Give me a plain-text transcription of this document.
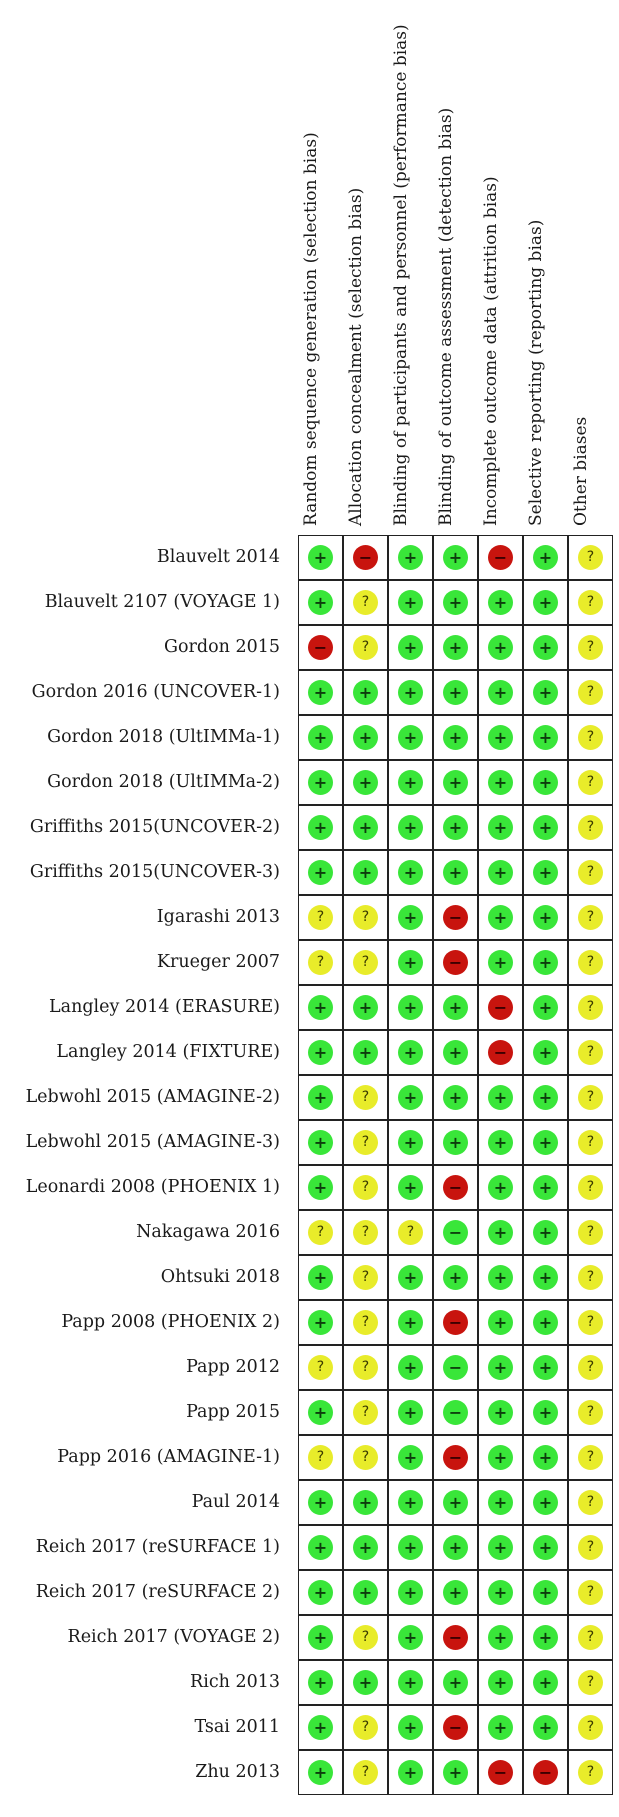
Random sequence generation (selection bias) Allocation concealment (selection bias) Blinding of participants and personnel (performance bias) Blinding of outcome assessment (detection bias) Incomplete outcome data (attrition bias) Selective reporting (reporting bias) Other biases
Blauvelt 2014	+	−	+	+	−	+	?
Blauvelt 2107 (VOYAGE 1)	+	?	+	+	+	+	?
Gordon 2015	−	?	+	+	+	+	?
Gordon 2016 (UNCOVER-1)	+	+	+	+	+	+	?
Gordon 2018 (UltIMMa-1)	+	+	+	+	+	+	?
Gordon 2018 (UltIMMa-2)	+	+	+	+	+	+	?
Griffiths 2015(UNCOVER-2)	+	+	+	+	+	+	?
Griffiths 2015(UNCOVER-3)	+	+	+	+	+	+	?
Igarashi 2013	?	?	+	−	+	+	?
Krueger 2007	?	?	+	−	+	+	?
Langley 2014 (ERASURE)	+	+	+	+	−	+	?
Langley 2014 (FIXTURE)	+	+	+	+	−	+	?
Lebwohl 2015 (AMAGINE-2)	+	?	+	+	+	+	?
Lebwohl 2015 (AMAGINE-3)	+	?	+	+	+	+	?
Leonardi 2008 (PHOENIX 1)	+	?	+	−	+	+	?
Nakagawa 2016	?	?	?	−	+	+	?
Ohtsuki 2018	+	?	+	+	+	+	?
Papp 2008 (PHOENIX 2)	+	?	+	−	+	+	?
Papp 2012	?	?	+	−	+	+	?
Papp 2015	+	?	+	−	+	+	?
Papp 2016 (AMAGINE-1)	?	?	+	−	+	+	?
Paul 2014	+	+	+	+	+	+	?
Reich 2017 (reSURFACE 1)	+	+	+	+	+	+	?
Reich 2017 (reSURFACE 2)	+	+	+	+	+	+	?
Reich 2017 (VOYAGE 2)	+	?	+	−	+	+	?
Rich 2013	+	+	+	+	+	+	?
Tsai 2011	+	?	+	−	+	+	?
Zhu 2013	+	?	+	+	−	−	?
